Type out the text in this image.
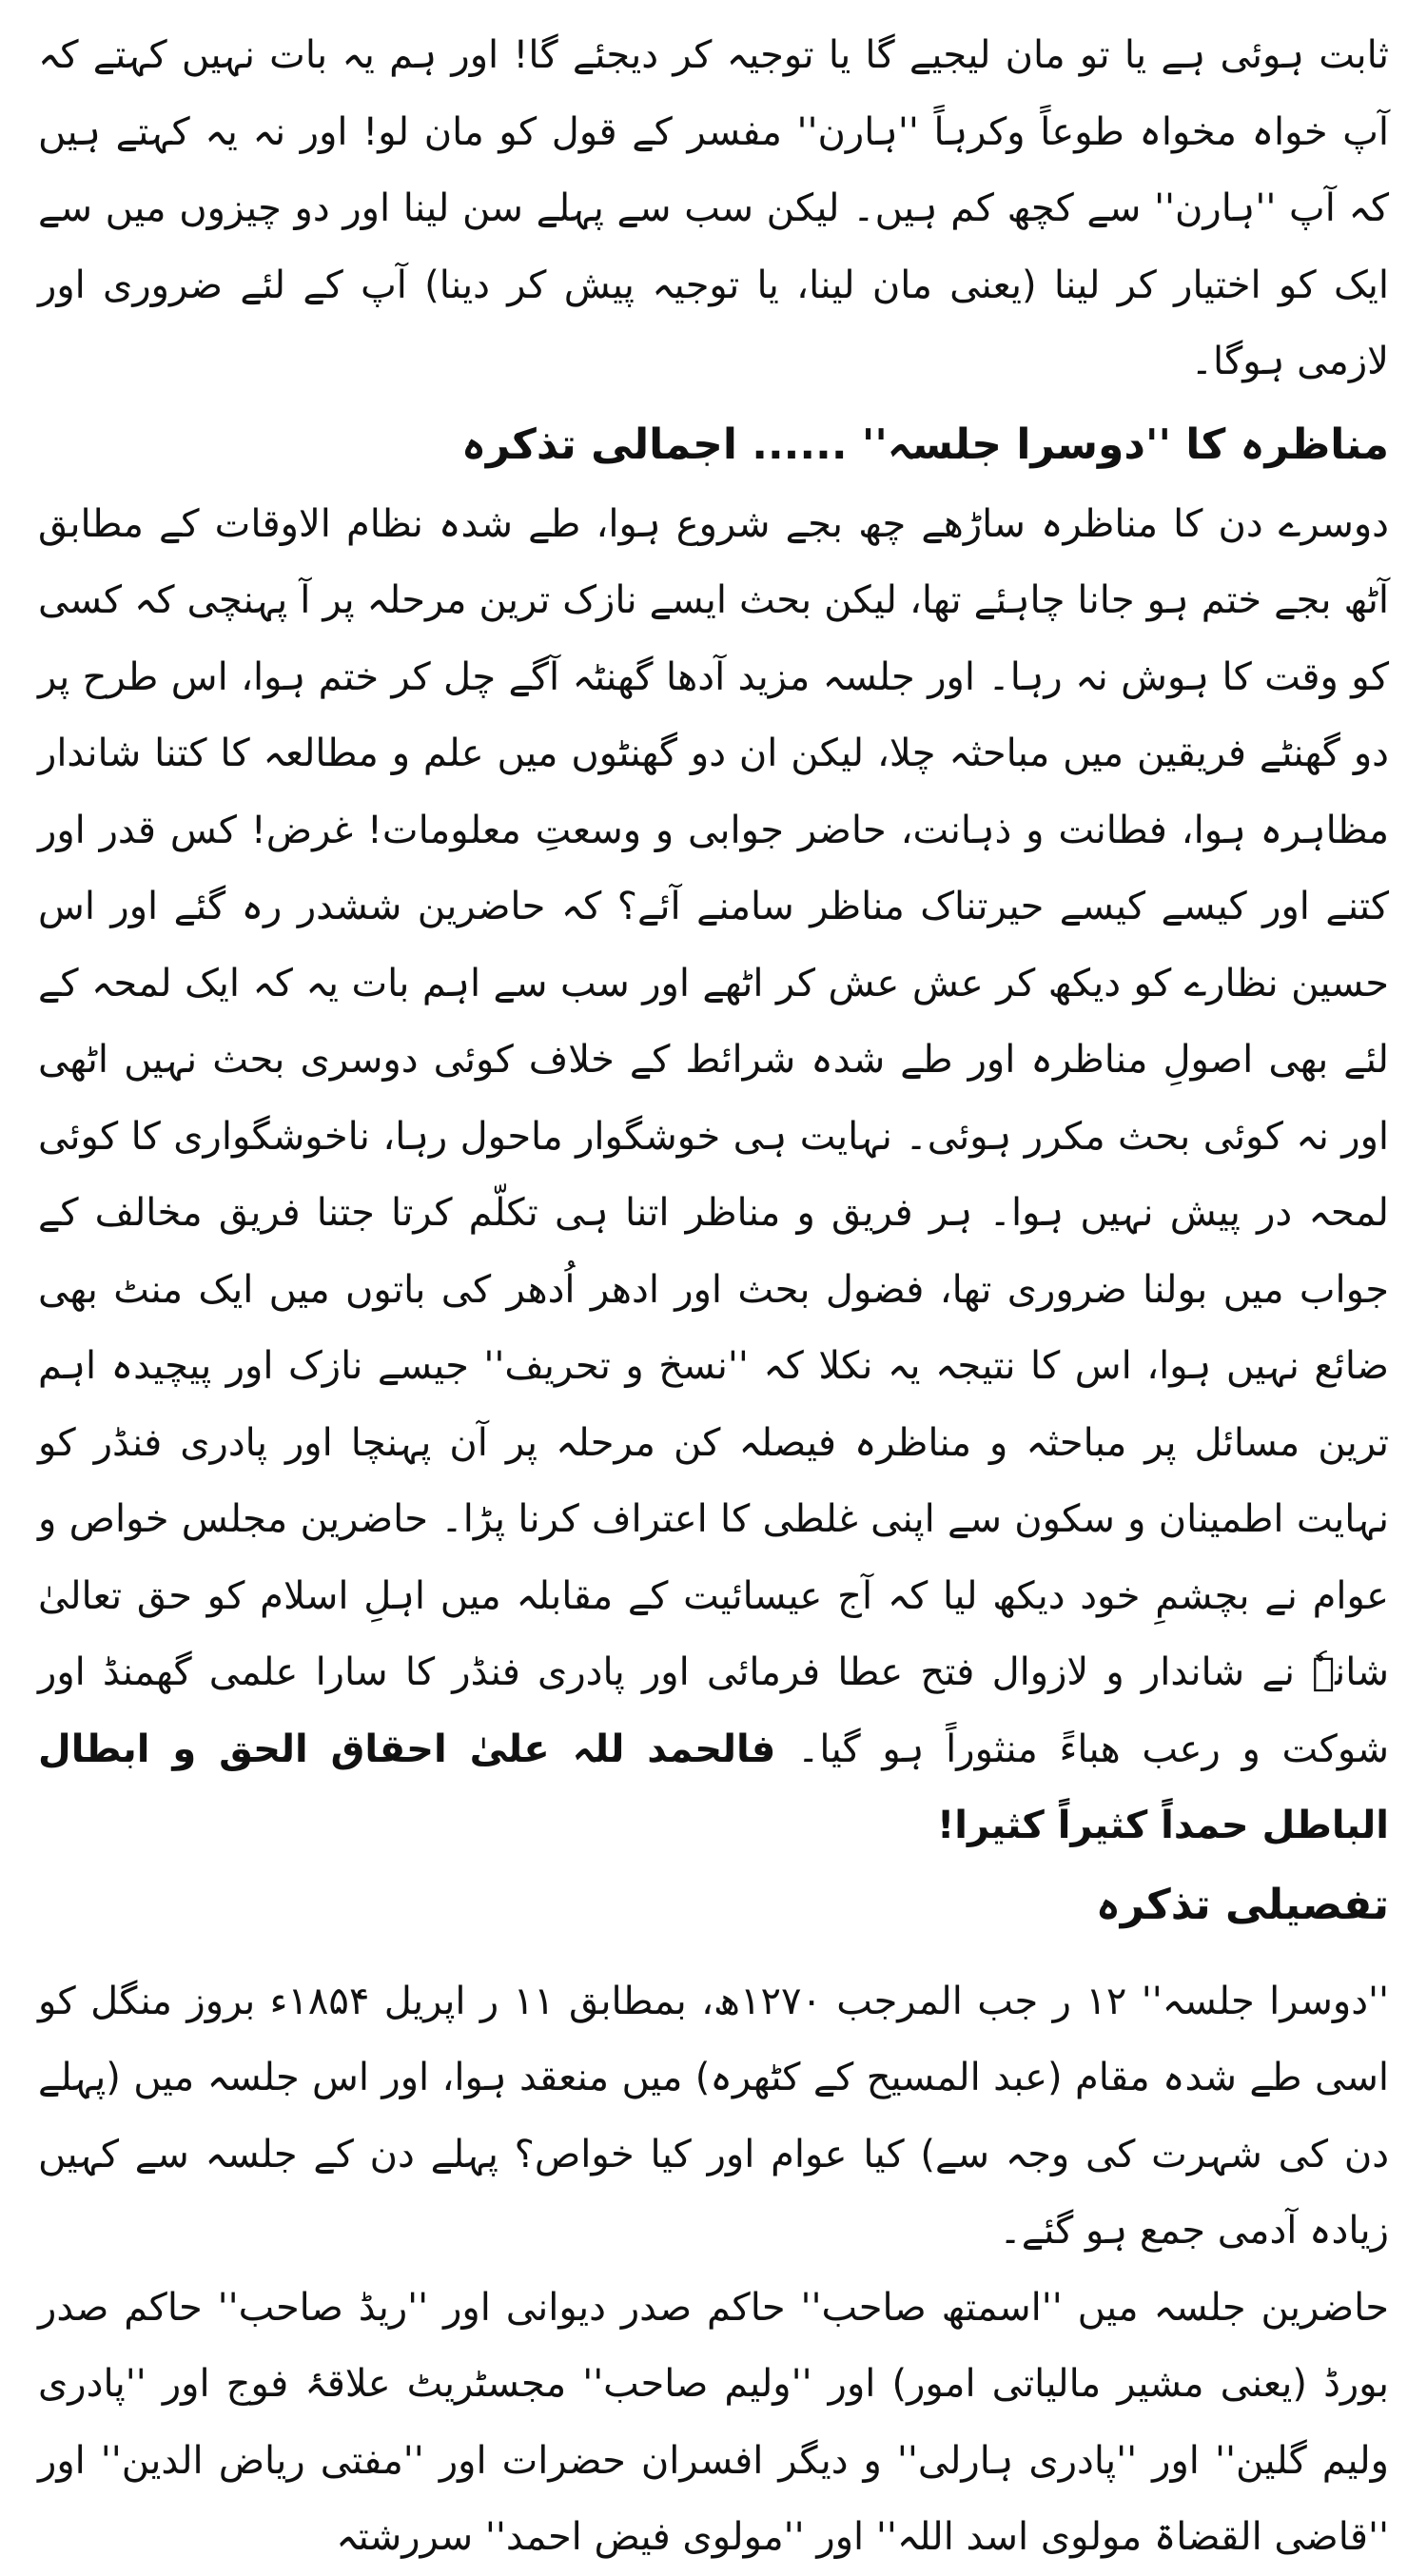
ثابت ہوئی ہے یا تو مان لیجیے گا یا توجیہ کر دیجئے گا! اور ہم یہ بات نہیں کہتے کہ آپ خواہ مخواہ طوعاً وکرہاً ''ہارن'' مفسر کے قول کو مان لو! اور نہ یہ کہتے ہیں کہ آپ ''ہارن'' سے کچھ کم ہیں۔ لیکن سب سے پہلے سن لینا اور دو چیزوں میں سے ایک کو اختیار کر لینا (یعنی مان لینا، یا توجیہ پیش کر دینا) آپ کے لئے ضروری اور لازمی ہوگا۔

مناظرہ کا ''دوسرا جلسہ'' ...... اجمالی تذکرہ

دوسرے دن کا مناظرہ ساڑھے چھ بجے شروع ہوا، طے شدہ نظام الاوقات کے مطابق آٹھ بجے ختم ہو جانا چاہئے تھا، لیکن بحث ایسے نازک ترین مرحلہ پر آ پہنچی کہ کسی کو وقت کا ہوش نہ رہا۔ اور جلسہ مزید آدھا گھنٹہ آگے چل کر ختم ہوا، اس طرح پر دو گھنٹے فریقین میں مباحثہ چلا، لیکن ان دو گھنٹوں میں علم و مطالعہ کا کتنا شاندار مظاہرہ ہوا، فطانت و ذہانت، حاضر جوابی و وسعتِ معلومات! غرض! کس قدر اور کتنے اور کیسے کیسے حیرتناک مناظر سامنے آئے؟ کہ حاضرین ششدر رہ گئے اور اس حسین نظارے کو دیکھ کر عش عش کر اٹھے اور سب سے اہم بات یہ کہ ایک لمحہ کے لئے بھی اصولِ مناظرہ اور طے شدہ شرائط کے خلاف کوئی دوسری بحث نہیں اٹھی اور نہ کوئی بحث مکرر ہوئی۔ نہایت ہی خوشگوار ماحول رہا، ناخوشگواری کا کوئی لمحہ در پیش نہیں ہوا۔ ہر فریق و مناظر اتنا ہی تکلّم کرتا جتنا فریق مخالف کے جواب میں بولنا ضروری تھا، فضول بحث اور ادھر اُدھر کی باتوں میں ایک منٹ بھی ضائع نہیں ہوا، اس کا نتیجہ یہ نکلا کہ ''نسخ و تحریف'' جیسے نازک اور پیچیدہ اہم ترین مسائل پر مباحثہ و مناظرہ فیصلہ کن مرحلہ پر آن پہنچا اور پادری فنڈر کو نہایت اطمینان و سکون سے اپنی غلطی کا اعتراف کرنا پڑا۔ حاضرین مجلس خواص و عوام نے بچشمِ خود دیکھ لیا کہ آج عیسائیت کے مقابلہ میں اہلِ اسلام کو حق تعالیٰ شانہٗ نے شاندار و لازوال فتح عطا فرمائی اور پادری فنڈر کا سارا علمی گھمنڈ اور شوکت و رعب ھباءً منثوراً ہو گیا۔ فالحمد للہ علیٰ احقاق الحق و ابطال الباطل حمداً کثیراً کثیرا!

تفصیلی تذکرہ

''دوسرا جلسہ'' ۱۲ ر جب المرجب ۱۲۷۰ھ، بمطابق ۱۱ ر اپریل ۱۸۵۴ء بروز منگل کو اسی طے شدہ مقام (عبد المسیح کے کٹھرہ) میں منعقد ہوا، اور اس جلسہ میں (پہلے دن کی شہرت کی وجہ سے) کیا عوام اور کیا خواص؟ پہلے دن کے جلسہ سے کہیں زیادہ آدمی جمع ہو گئے۔

حاضرین جلسہ میں ''اسمتھ صاحب'' حاکم صدر دیوانی اور ''ریڈ صاحب'' حاکم صدر بورڈ (یعنی مشیر مالیاتی امور) اور ''ولیم صاحب'' مجسٹریٹ علاقۂ فوج اور ''پادری ولیم گلین'' اور ''پادری ہارلی'' و دیگر افسران حضرات اور ''مفتی ریاض الدین'' اور ''قاضی القضاۃ مولوی اسد اللہ'' اور ''مولوی فیض احمد'' سررشتہ
